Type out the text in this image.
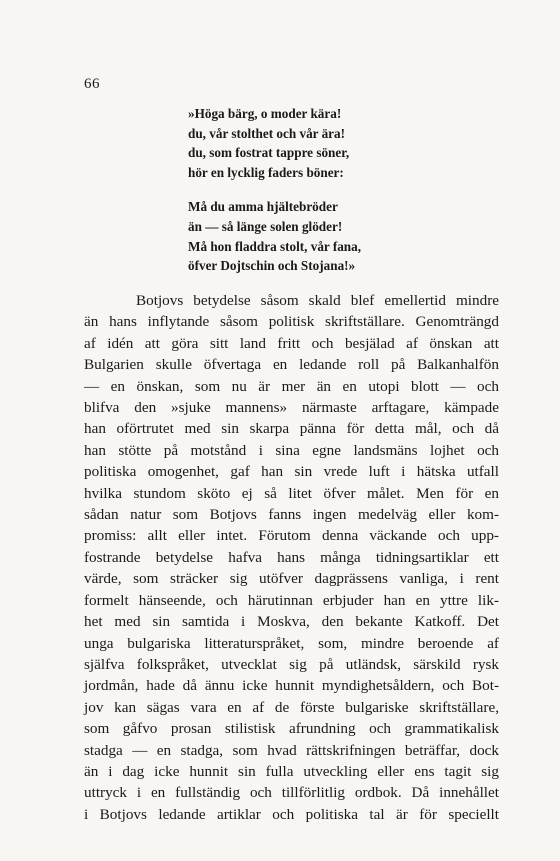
66

»Höga bärg, o moder kära!
du, vår stolthet och vår ära!
du, som fostrat tappre söner,
hör en lycklig faders böner:

Må du amma hjältebröder
än — så länge solen glöder!
Må hon fladdra stolt, vår fana,
öfver Dojtschin och Stojana!»

Botjovs betydelse såsom skald blef emellertid mindre
än hans inflytande såsom politisk skriftställare. Genomträngd
af idén att göra sitt land fritt och besjälad af önskan att
Bulgarien skulle öfvertaga en ledande roll på Balkanhalfön
— en önskan, som nu är mer än en utopi blott — och
blifva den »sjuke mannens» närmaste arftagare, kämpade
han oförtrutet med sin skarpa pänna för detta mål, och då
han stötte på motstånd i sina egne landsmäns lojhet och
politiska omogenhet, gaf han sin vrede luft i hätska utfall
hvilka stundom sköto ej så litet öfver målet. Men för en
sådan natur som Botjovs fanns ingen medelväg eller kom-
promiss: allt eller intet. Förutom denna väckande och upp-
fostrande betydelse hafva hans många tidningsartiklar ett
värde, som sträcker sig utöfver dagprässens vanliga, i rent
formelt hänseende, och härutinnan erbjuder han en yttre lik-
het med sin samtida i Moskva, den bekante Katkoff. Det
unga bulgariska litteraturspråket, som, mindre beroende af
själfva folkspråket, utvecklat sig på utländsk, särskild rysk
jordmån, hade då ännu icke hunnit myndighetsåldern, och Bot-
jov kan sägas vara en af de förste bulgariske skriftställare,
som gåfvo prosan stilistisk afrundning och grammatikalisk
stadga — en stadga, som hvad rättskrifningen beträffar, dock
än i dag icke hunnit sin fulla utveckling eller ens tagit sig
uttryck i en fullständig och tillförlitlig ordbok. Då innehållet
i Botjovs ledande artiklar och politiska tal är för speciellt
